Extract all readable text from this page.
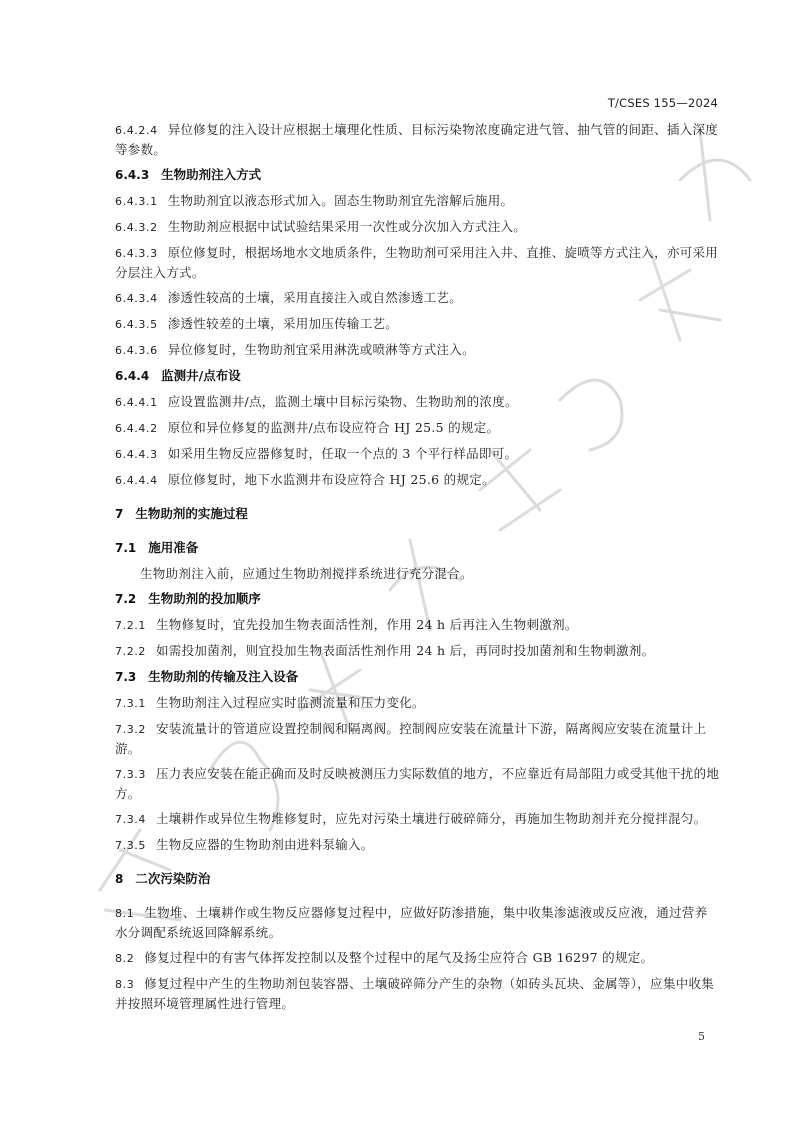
T/CSES 155—2024
6.4.2.4 异位修复的注入设计应根据土壤理化性质、目标污染物浓度确定进气管、抽气管的间距、插入深度等参数。
6.4.3 生物助剂注入方式
6.4.3.1 生物助剂宜以液态形式加入。固态生物助剂宜先溶解后施用。
6.4.3.2 生物助剂应根据中试试验结果采用一次性或分次加入方式注入。
6.4.3.3 原位修复时，根据场地水文地质条件，生物助剂可采用注入井、直推、旋喷等方式注入，亦可采用分层注入方式。
6.4.3.4 渗透性较高的土壤，采用直接注入或自然渗透工艺。
6.4.3.5 渗透性较差的土壤，采用加压传输工艺。
6.4.3.6 异位修复时，生物助剂宜采用淋洗或喷淋等方式注入。
6.4.4 监测井/点布设
6.4.4.1 应设置监测井/点，监测土壤中目标污染物、生物助剂的浓度。
6.4.4.2 原位和异位修复的监测井/点布设应符合 HJ 25.5 的规定。
6.4.4.3 如采用生物反应器修复时，任取一个点的 3 个平行样品即可。
6.4.4.4 原位修复时，地下水监测井布设应符合 HJ 25.6 的规定。
7 生物助剂的实施过程
7.1 施用准备
生物助剂注入前，应通过生物助剂搅拌系统进行充分混合。
7.2 生物助剂的投加顺序
7.2.1 生物修复时，宜先投加生物表面活性剂，作用 24 h 后再注入生物刺激剂。
7.2.2 如需投加菌剂，则宜投加生物表面活性剂作用 24 h 后，再同时投加菌剂和生物刺激剂。
7.3 生物助剂的传输及注入设备
7.3.1 生物助剂注入过程应实时监测流量和压力变化。
7.3.2 安装流量计的管道应设置控制阀和隔离阀。控制阀应安装在流量计下游，隔离阀应安装在流量计上游。
7.3.3 压力表应安装在能正确而及时反映被测压力实际数值的地方，不应靠近有局部阻力或受其他干扰的地方。
7.3.4 土壤耕作或异位生物堆修复时，应先对污染土壤进行破碎筛分，再施加生物助剂并充分搅拌混匀。
7.3.5 生物反应器的生物助剂由进料泵输入。
8 二次污染防治
8.1 生物堆、土壤耕作或生物反应器修复过程中，应做好防渗措施，集中收集渗滤液或反应液，通过营养水分调配系统返回降解系统。
8.2 修复过程中的有害气体挥发控制以及整个过程中的尾气及扬尘应符合 GB 16297 的规定。
8.3 修复过程中产生的生物助剂包装容器、土壤破碎筛分产生的杂物（如砖头瓦块、金属等），应集中收集并按照环境管理属性进行管理。
5
